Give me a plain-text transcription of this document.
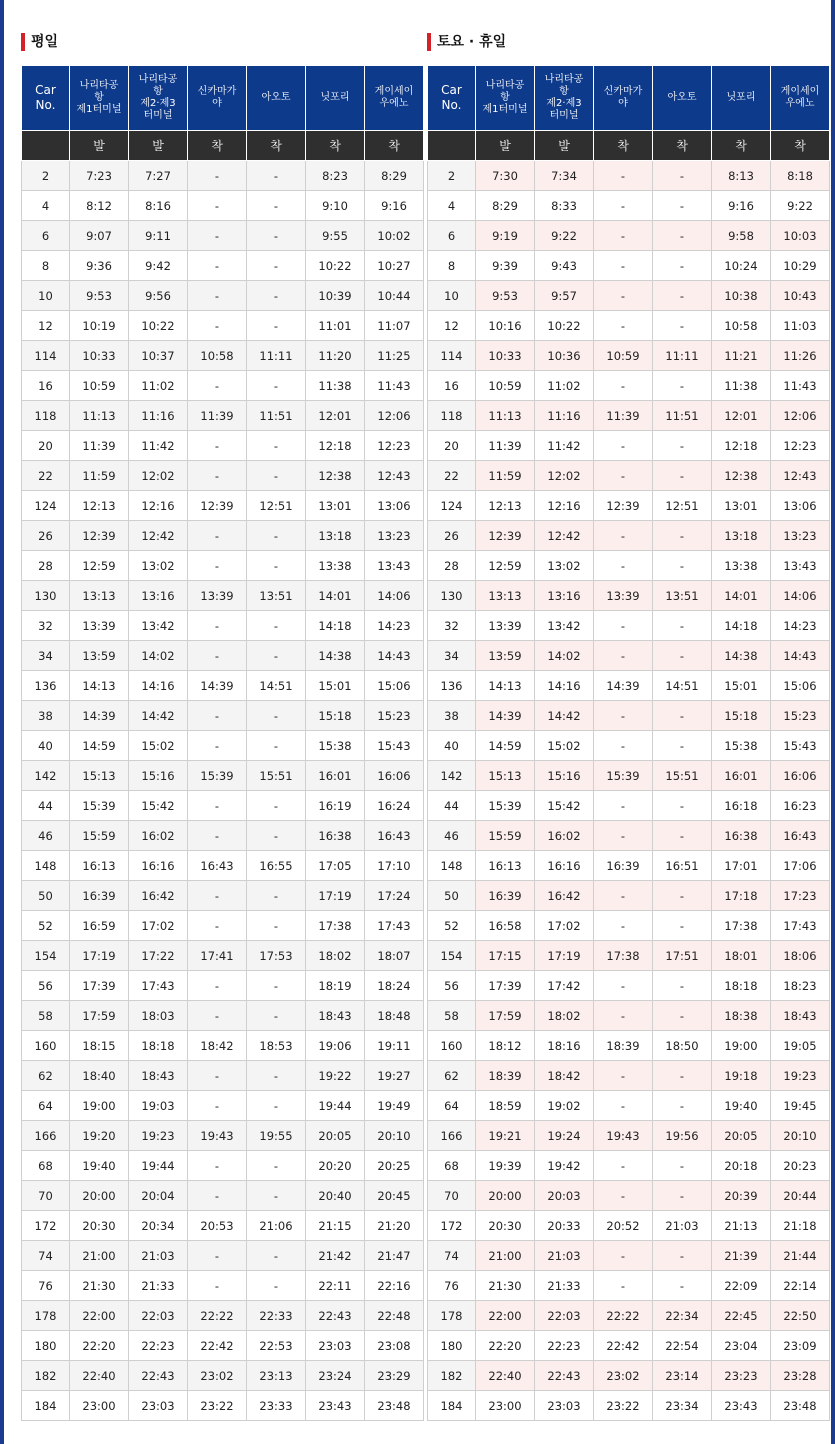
평일
Car
No.	나리타공
항
제1터미널	나리타공
항
제2·제3
터미널	신카마가
야	아오토	닛포리	게이세이
우에노
	발	발	착	착	착	착
2	7:23	7:27	-	-	8:23	8:29
4	8:12	8:16	-	-	9:10	9:16
6	9:07	9:11	-	-	9:55	10:02
8	9:36	9:42	-	-	10:22	10:27
10	9:53	9:56	-	-	10:39	10:44
12	10:19	10:22	-	-	11:01	11:07
114	10:33	10:37	10:58	11:11	11:20	11:25
16	10:59	11:02	-	-	11:38	11:43
118	11:13	11:16	11:39	11:51	12:01	12:06
20	11:39	11:42	-	-	12:18	12:23
22	11:59	12:02	-	-	12:38	12:43
124	12:13	12:16	12:39	12:51	13:01	13:06
26	12:39	12:42	-	-	13:18	13:23
28	12:59	13:02	-	-	13:38	13:43
130	13:13	13:16	13:39	13:51	14:01	14:06
32	13:39	13:42	-	-	14:18	14:23
34	13:59	14:02	-	-	14:38	14:43
136	14:13	14:16	14:39	14:51	15:01	15:06
38	14:39	14:42	-	-	15:18	15:23
40	14:59	15:02	-	-	15:38	15:43
142	15:13	15:16	15:39	15:51	16:01	16:06
44	15:39	15:42	-	-	16:19	16:24
46	15:59	16:02	-	-	16:38	16:43
148	16:13	16:16	16:43	16:55	17:05	17:10
50	16:39	16:42	-	-	17:19	17:24
52	16:59	17:02	-	-	17:38	17:43
154	17:19	17:22	17:41	17:53	18:02	18:07
56	17:39	17:43	-	-	18:19	18:24
58	17:59	18:03	-	-	18:43	18:48
160	18:15	18:18	18:42	18:53	19:06	19:11
62	18:40	18:43	-	-	19:22	19:27
64	19:00	19:03	-	-	19:44	19:49
166	19:20	19:23	19:43	19:55	20:05	20:10
68	19:40	19:44	-	-	20:20	20:25
70	20:00	20:04	-	-	20:40	20:45
172	20:30	20:34	20:53	21:06	21:15	21:20
74	21:00	21:03	-	-	21:42	21:47
76	21:30	21:33	-	-	22:11	22:16
178	22:00	22:03	22:22	22:33	22:43	22:48
180	22:20	22:23	22:42	22:53	23:03	23:08
182	22:40	22:43	23:02	23:13	23:24	23:29
184	23:00	23:03	23:22	23:33	23:43	23:48
토요 · 휴일
Car
No.	나리타공
항
제1터미널	나리타공
항
제2·제3
터미널	신카마가
야	아오토	닛포리	게이세이
우에노
	발	발	착	착	착	착
2	7:30	7:34	-	-	8:13	8:18
4	8:29	8:33	-	-	9:16	9:22
6	9:19	9:22	-	-	9:58	10:03
8	9:39	9:43	-	-	10:24	10:29
10	9:53	9:57	-	-	10:38	10:43
12	10:16	10:22	-	-	10:58	11:03
114	10:33	10:36	10:59	11:11	11:21	11:26
16	10:59	11:02	-	-	11:38	11:43
118	11:13	11:16	11:39	11:51	12:01	12:06
20	11:39	11:42	-	-	12:18	12:23
22	11:59	12:02	-	-	12:38	12:43
124	12:13	12:16	12:39	12:51	13:01	13:06
26	12:39	12:42	-	-	13:18	13:23
28	12:59	13:02	-	-	13:38	13:43
130	13:13	13:16	13:39	13:51	14:01	14:06
32	13:39	13:42	-	-	14:18	14:23
34	13:59	14:02	-	-	14:38	14:43
136	14:13	14:16	14:39	14:51	15:01	15:06
38	14:39	14:42	-	-	15:18	15:23
40	14:59	15:02	-	-	15:38	15:43
142	15:13	15:16	15:39	15:51	16:01	16:06
44	15:39	15:42	-	-	16:18	16:23
46	15:59	16:02	-	-	16:38	16:43
148	16:13	16:16	16:39	16:51	17:01	17:06
50	16:39	16:42	-	-	17:18	17:23
52	16:58	17:02	-	-	17:38	17:43
154	17:15	17:19	17:38	17:51	18:01	18:06
56	17:39	17:42	-	-	18:18	18:23
58	17:59	18:02	-	-	18:38	18:43
160	18:12	18:16	18:39	18:50	19:00	19:05
62	18:39	18:42	-	-	19:18	19:23
64	18:59	19:02	-	-	19:40	19:45
166	19:21	19:24	19:43	19:56	20:05	20:10
68	19:39	19:42	-	-	20:18	20:23
70	20:00	20:03	-	-	20:39	20:44
172	20:30	20:33	20:52	21:03	21:13	21:18
74	21:00	21:03	-	-	21:39	21:44
76	21:30	21:33	-	-	22:09	22:14
178	22:00	22:03	22:22	22:34	22:45	22:50
180	22:20	22:23	22:42	22:54	23:04	23:09
182	22:40	22:43	23:02	23:14	23:23	23:28
184	23:00	23:03	23:22	23:34	23:43	23:48
